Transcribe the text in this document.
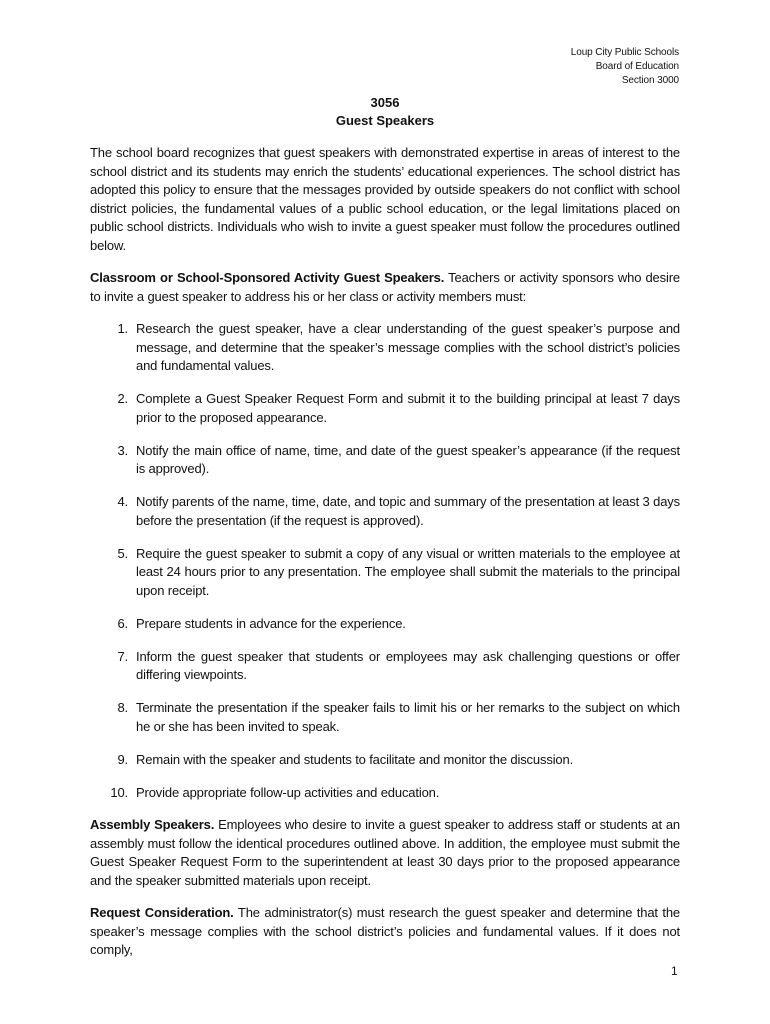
Loup City Public Schools
Board of Education
Section 3000
3056
Guest Speakers

The school board recognizes that guest speakers with demonstrated expertise in areas of interest to the school district and its students may enrich the students’ educational experiences. The school district has adopted this policy to ensure that the messages provided by outside speakers do not conflict with school district policies, the fundamental values of a public school education, or the legal limitations placed on public school districts. Individuals who wish to invite a guest speaker must follow the procedures outlined below.

Classroom or School-Sponsored Activity Guest Speakers. Teachers or activity sponsors who desire to invite a guest speaker to address his or her class or activity members must:

1. Research the guest speaker, have a clear understanding of the guest speaker’s purpose and message, and determine that the speaker’s message complies with the school district’s policies and fundamental values.
2. Complete a Guest Speaker Request Form and submit it to the building principal at least 7 days prior to the proposed appearance.
3. Notify the main office of name, time, and date of the guest speaker’s appearance (if the request is approved).
4. Notify parents of the name, time, date, and topic and summary of the presentation at least 3 days before the presentation (if the request is approved).
5. Require the guest speaker to submit a copy of any visual or written materials to the employee at least 24 hours prior to any presentation. The employee shall submit the materials to the principal upon receipt.
6. Prepare students in advance for the experience.
7. Inform the guest speaker that students or employees may ask challenging questions or offer differing viewpoints.
8. Terminate the presentation if the speaker fails to limit his or her remarks to the subject on which he or she has been invited to speak.
9. Remain with the speaker and students to facilitate and monitor the discussion.
10. Provide appropriate follow-up activities and education.

Assembly Speakers. Employees who desire to invite a guest speaker to address staff or students at an assembly must follow the identical procedures outlined above. In addition, the employee must submit the Guest Speaker Request Form to the superintendent at least 30 days prior to the proposed appearance and the speaker submitted materials upon receipt.

Request Consideration. The administrator(s) must research the guest speaker and determine that the speaker’s message complies with the school district’s policies and fundamental values. If it does not comply,

1
